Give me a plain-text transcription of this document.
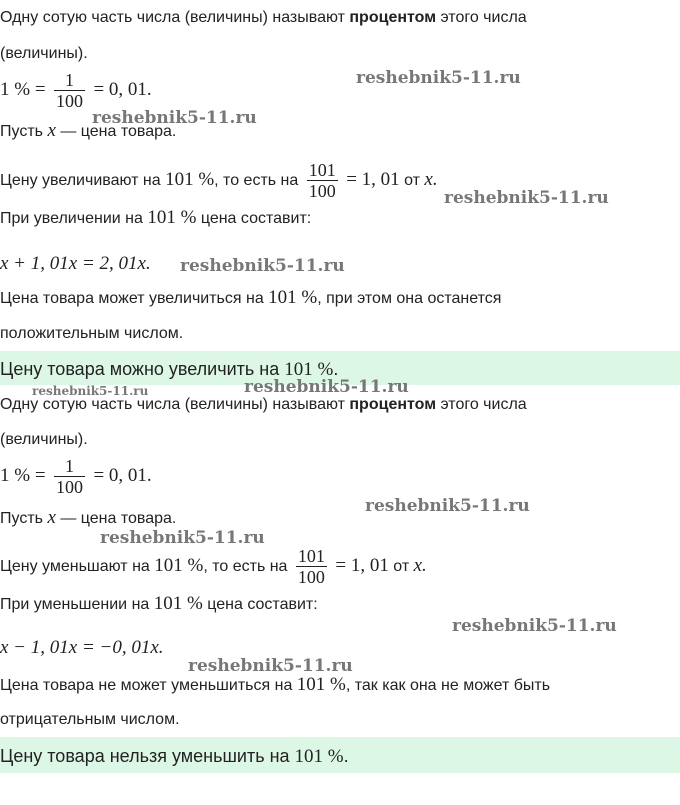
Одну сотую часть числа (величины) называют процентом этого числа
(величины).
1 % = $\frac{1}{100} = 0$, 01.
Пусть x — цена товара.
Цену увеличивают на 101 %, то есть на $\frac{101}{100} = 1$, 01 от x.
При увеличении на 101 % цена составит:
x + 1, 01x = 2, 01x.
Цена товара может увеличиться на 101 %, при этом она останется
положительным числом.
Цену товара можно увеличить на 101 %.
Одну сотую часть числа (величины) называют процентом этого числа
(величины).
1 % = $\frac{1}{100} = 0$, 01.
Пусть x — цена товара.
Цену уменьшают на 101 %, то есть на $\frac{101}{100} = 1$, 01 от x.
При уменьшении на 101 % цена составит:
x − 1, 01x = −0, 01x.
Цена товара не может уменьшиться на 101 %, так как она не может быть
отрицательным числом.
Цену товара нельзя уменьшить на 101 %.
reshebnik5-11.ru
reshebnik5-11.ru
reshebnik5-11.ru
reshebnik5-11.ru
reshebnik5-11.ru	reshebnik5-11.ru
reshebnik5-11.ru
reshebnik5-11.ru
reshebnik5-11.ru
reshebnik5-11.ru
